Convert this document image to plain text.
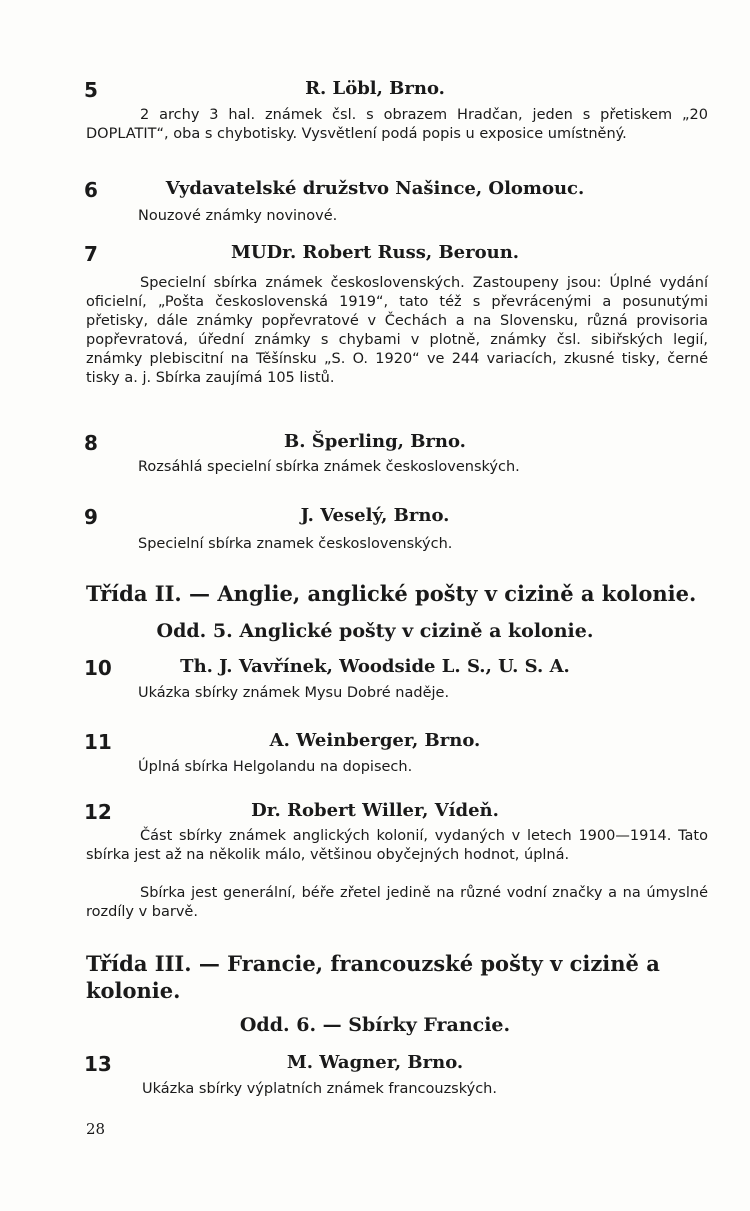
5	R. Löbl, Brno.
2 archy 3 hal. známek čsl. s obrazem Hradčan, jeden s přetiskem „20 DOPLATIT“, oba s chybotisky. Vysvětlení podá popis u exposice umístněný.
6	Vydavatelské družstvo Našince, Olomouc.
Nouzové známky novinové.
7	MUDr. Robert Russ, Beroun.
Specielní sbírka známek československých. Zastoupeny jsou: Úplné vydání oficielní, „Pošta československá 1919“, tato též s převrácenými a posunutými přetisky, dále známky popřevratové v Čechách a na Slovensku, různá provisoria popřevratová, úřední známky s chybami v plotně, známky čsl. sibiřských legií, známky plebiscitní na Těšínsku „S. O. 1920“ ve 244 variacích, zkusné tisky, černé tisky a. j. Sbírka zaujímá 105 listů.
8	B. Šperling, Brno.
Rozsáhlá specielní sbírka známek československých.
9	J. Veselý, Brno.
Specielní sbírka znamek československých.
Třída II. — Anglie, anglické pošty v cizině a kolonie.
Odd. 5. Anglické pošty v cizině a kolonie.
10	Th. J. Vavřínek, Woodside L. S., U. S. A.
Ukázka sbírky známek Mysu Dobré naděje.
11	A. Weinberger, Brno.
Úplná sbírka Helgolandu na dopisech.
12	Dr. Robert Willer, Vídeň.
Část sbírky známek anglických kolonií, vydaných v letech 1900—1914. Tato sbírka jest až na několik málo, většinou obyčejných hodnot, úplná.
Sbírka jest generální, béře zřetel jedině na různé vodní značky a na úmyslné rozdíly v barvě.
Třída III. — Francie, francouzské pošty v cizině a kolonie.
Odd. 6. — Sbírky Francie.
13	M. Wagner, Brno.
Ukázka sbírky výplatních známek francouzských.
28
